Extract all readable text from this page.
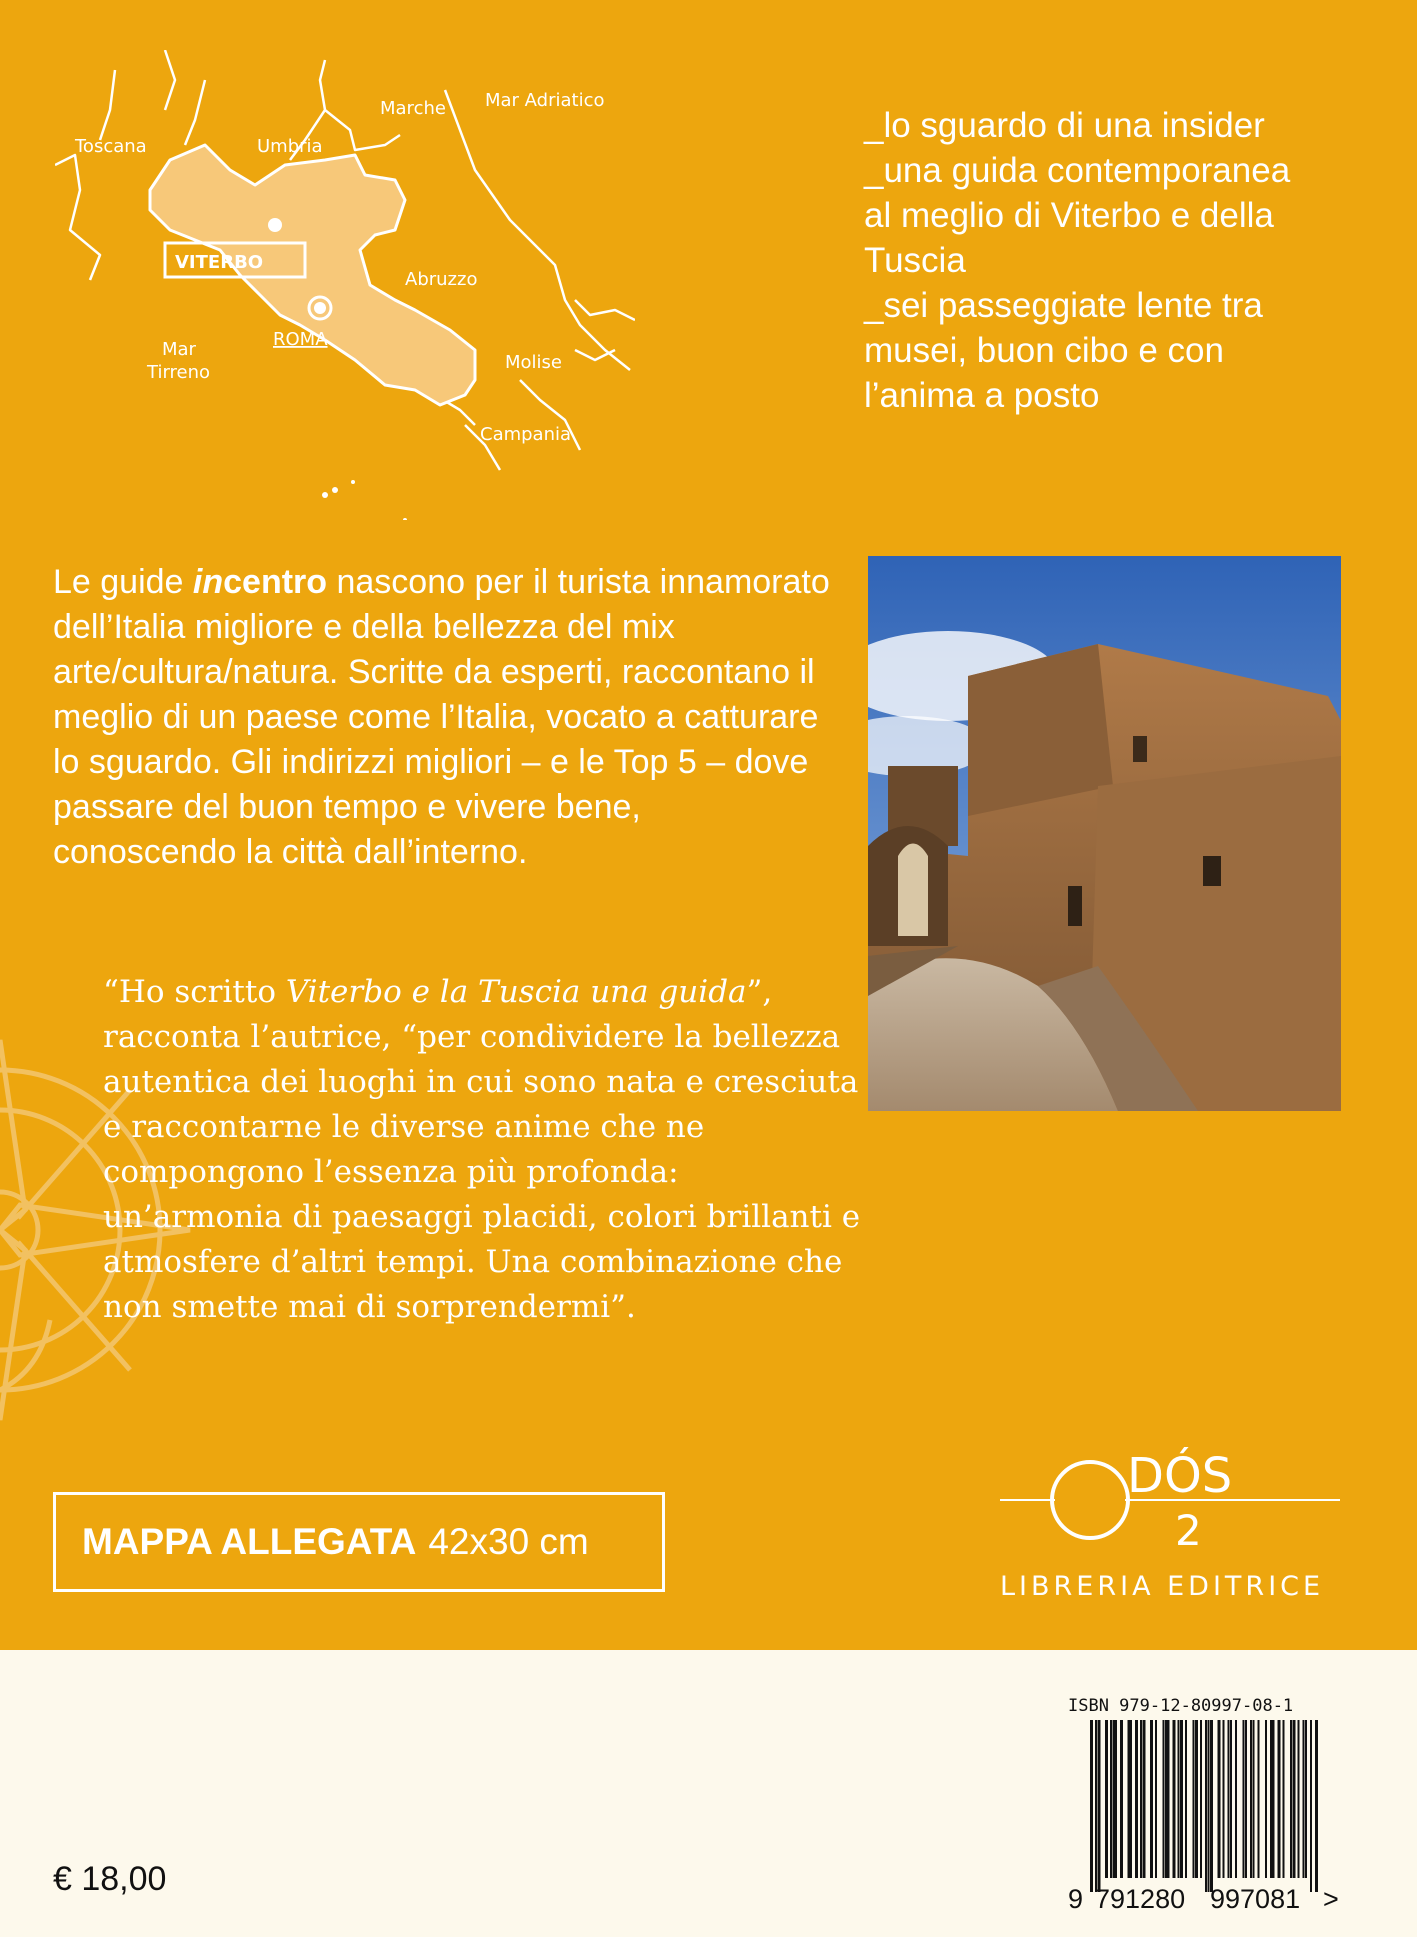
Toscana	Umbria
Marche Mar Adriatico
Abruzzo
Molise
Campania
Mar
Tirreno
VITERBO
ROMA

_lo sguardo di una insider

_una guida contemporanea

al meglio di Viterbo e della

Tuscia

_sei passeggiate lente tra

musei, buon cibo e con

l’anima a posto

Le guide incentro nascono per il turista innamorato dell’Italia migliore e della bellezza del mix arte/cultura/natura. Scritte da esperti, raccontano il meglio di un paese come l’Italia, vocato a catturare lo sguardo. Gli indirizzi migliori – e le Top 5 – dove passare del buon tempo e vivere bene, conoscendo la città dall’interno.

“Ho scritto Viterbo e la Tuscia una guida”, racconta l’autrice, “per condividere la bellezza autentica dei luoghi in cui sono nata e cresciuta e raccontarne le diverse anime che ne compongono l’essenza più profonda: un’armonia di paesaggi placidi, colori brillanti e atmosfere d’altri tempi. Una combinazione che non smette mai di sorprendermi”.

MAPPA ALLEGATA 42x30 cm
DÓS
2
LIBRERIA EDITRICE

ISBN 979-12-80997-08-1

9 791280 997081 >

€ 18,00
